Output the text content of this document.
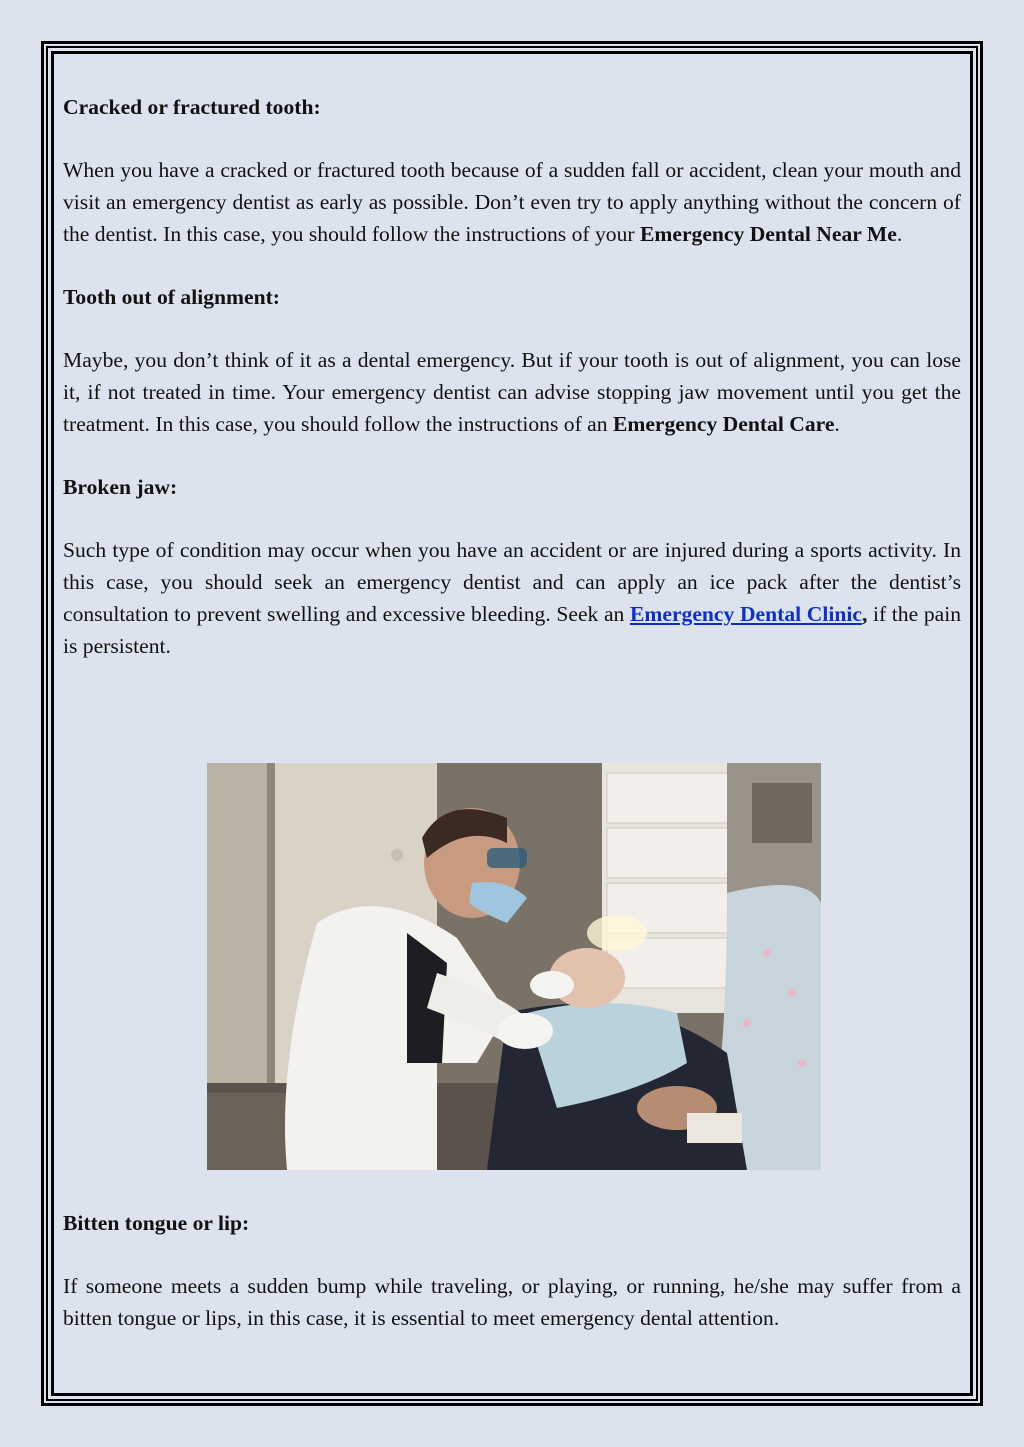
Cracked or fractured tooth:

When you have a cracked or fractured tooth because of a sudden fall or accident, clean your mouth and visit an emergency dentist as early as possible. Don’t even try to apply anything without the concern of the dentist. In this case, you should follow the instructions of your Emergency Dental Near Me.

Tooth out of alignment:

Maybe, you don’t think of it as a dental emergency. But if your tooth is out of alignment, you can lose it, if not treated in time. Your emergency dentist can advise stopping jaw movement until you get the treatment. In this case, you should follow the instructions of an Emergency Dental Care.

Broken jaw:

Such type of condition may occur when you have an accident or are injured during a sports activity. In this case, you should seek an emergency dentist and can apply an ice pack after the dentist’s consultation to prevent swelling and excessive bleeding. Seek an Emergency Dental Clinic, if the pain is persistent.

Bitten tongue or lip:

If someone meets a sudden bump while traveling, or playing, or running, he/she may suffer from a bitten tongue or lips, in this case, it is essential to meet emergency dental attention.
